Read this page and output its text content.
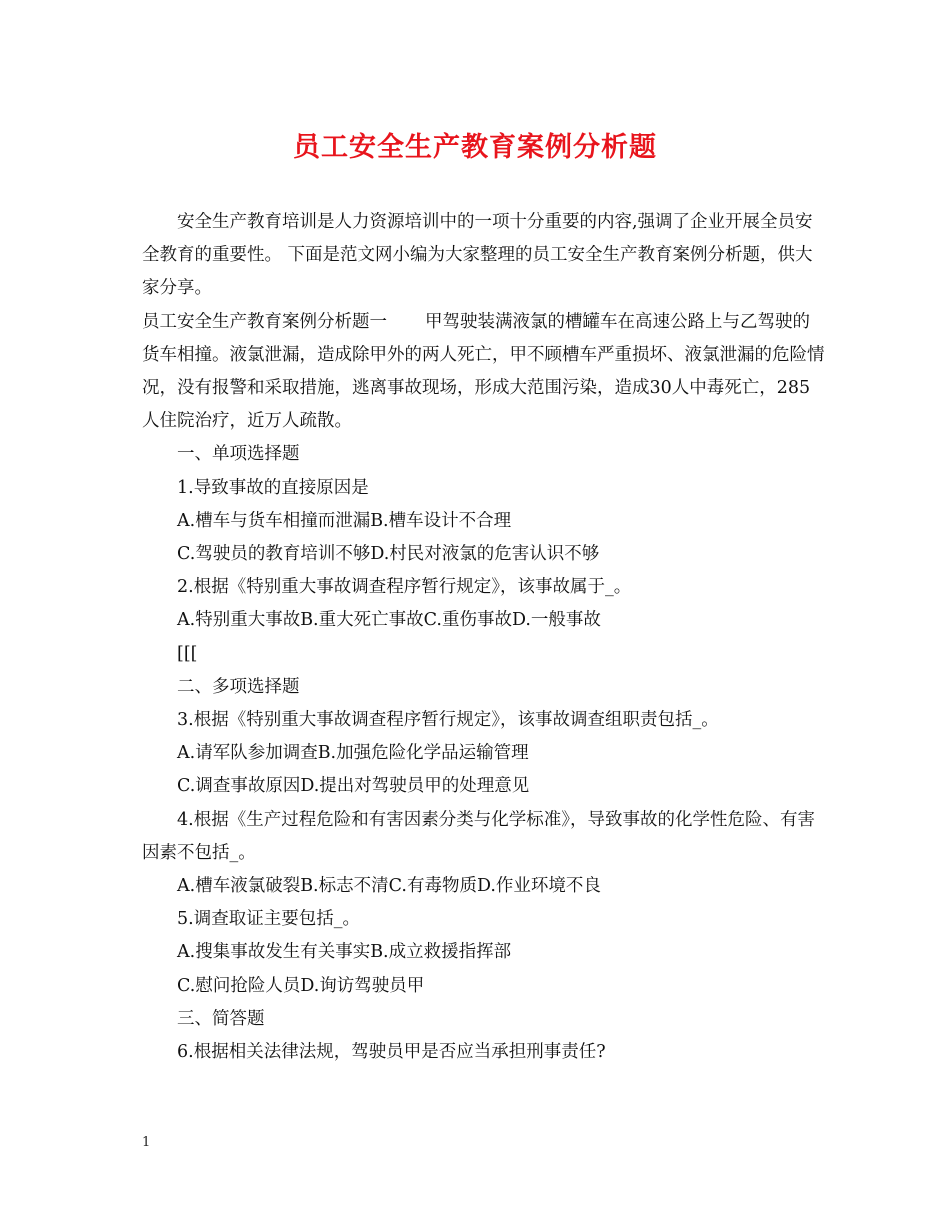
员工安全生产教育案例分析题

安全生产教育培训是人力资源培训中的一项十分重要的内容,强调了企业开展全员安全教育的重要性。 下面是范文网小编为大家整理的员工安全生产教育案例分析题，供大家分享。

员工安全生产教育案例分析题一 甲驾驶装满液氯的槽罐车在高速公路上与乙驾驶的货车相撞。液氯泄漏，造成除甲外的两人死亡，甲不顾槽车严重损坏、液氯泄漏的危险情况，没有报警和采取措施，逃离事故现场，形成大范围污染，造成30人中毒死亡，285人住院治疗，近万人疏散。

一、单项选择题
1.导致事故的直接原因是
A.槽车与货车相撞而泄漏B.槽车设计不合理
C.驾驶员的教育培训不够D.村民对液氯的危害认识不够
2.根据《特别重大事故调查程序暂行规定》，该事故属于_。
A.特别重大事故B.重大死亡事故C.重伤事故D.一般事故
[[[
二、多项选择题
3.根据《特别重大事故调查程序暂行规定》，该事故调查组职责包括_。
A.请军队参加调查B.加强危险化学品运输管理
C.调查事故原因D.提出对驾驶员甲的处理意见

4.根据《生产过程危险和有害因素分类与化学标准》，导致事故的化学性危险、有害因素不包括_。

A.槽车液氯破裂B.标志不清C.有毒物质D.作业环境不良
5.调查取证主要包括_。
A.搜集事故发生有关事实B.成立救援指挥部
C.慰问抢险人员D.询访驾驶员甲
三、简答题
6.根据相关法律法规，驾驶员甲是否应当承担刑事责任?
1
